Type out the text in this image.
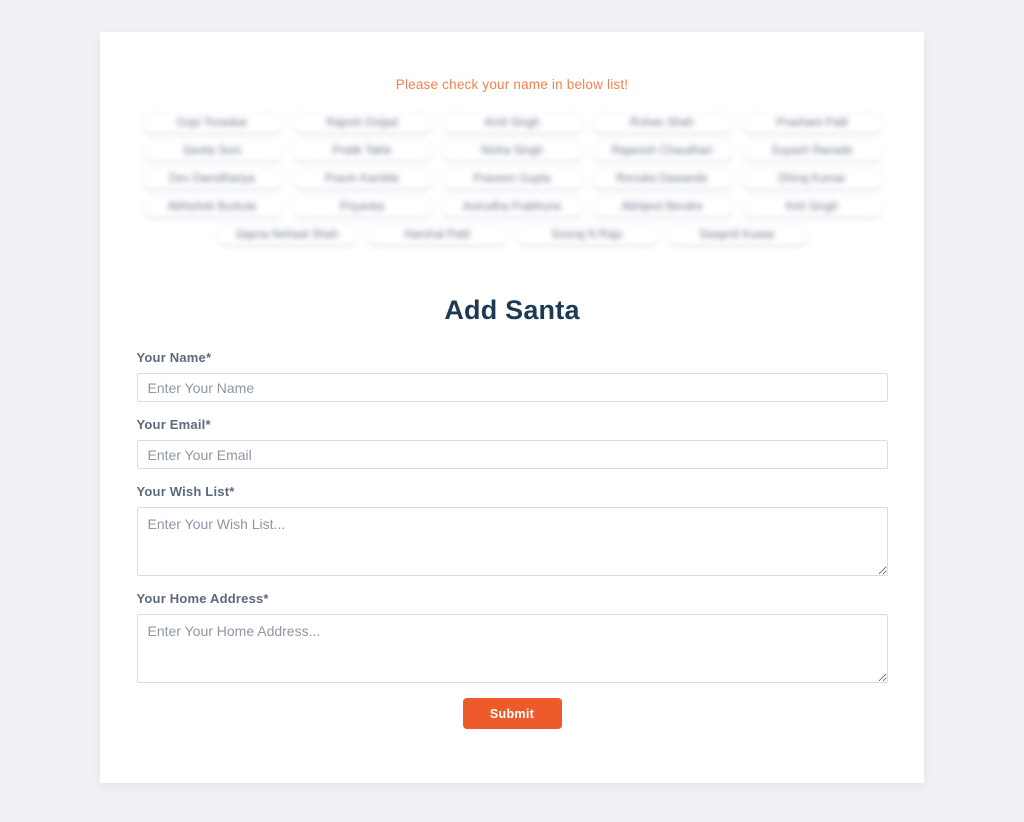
Please check your name in below list!

Gopi Toraskar	Rajesh Doijad	Amit Singh	Rohan Shah	Prashant Patil
Savita Soni	Pratik Takle	Nisha Singh	Rajanish Chaudhari	Suyash Ranade
Dev Damdhariya	Pravin Kamble	Praveen Gupta	Renuka Dawande	Dhiraj Kumar
Abhishek Burkule	Priyanka	Anirudha Prabhune	Abhijeet Bendre	Kirti Singh
Sapna Nehaal Shah	Harshal Patil	Sooraj N Raju	Swapnil Kuwar
Add Santa
Your Name*
Enter Your Name
Your Email*
Enter Your Email
Your Wish List*
Enter Your Wish List...
Your Home Address*
Enter Your Home Address...
Submit
